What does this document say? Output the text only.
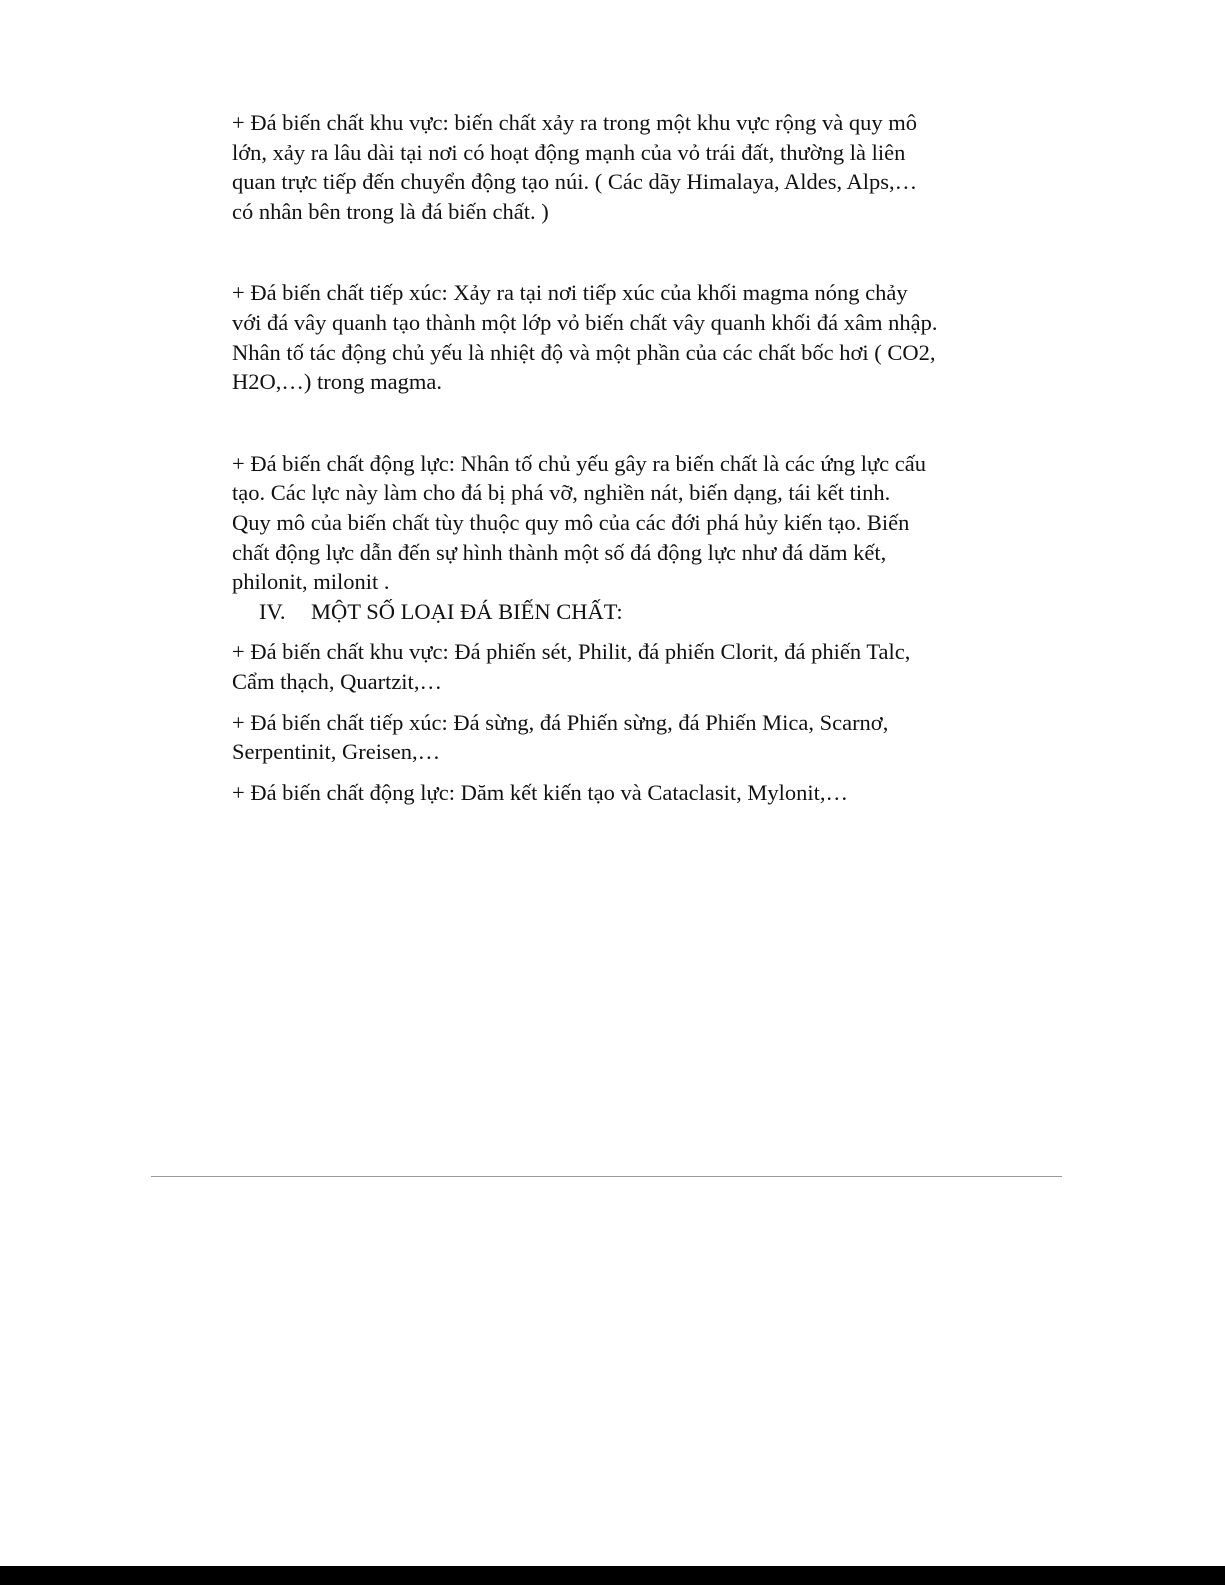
+ Đá biến chất khu vực: biến chất xảy ra trong một khu vực rộng và quy mô
lớn, xảy ra lâu dài tại nơi có hoạt động mạnh của vỏ trái đất, thường là liên
quan trực tiếp đến chuyển động tạo núi. ( Các dãy Himalaya, Aldes, Alps,…
có nhân bên trong là đá biến chất. )

+ Đá biến chất tiếp xúc: Xảy ra tại nơi tiếp xúc của khối magma nóng chảy
với đá vây quanh tạo thành một lớp vỏ biến chất vây quanh khối đá xâm nhập.
Nhân tố tác động chủ yếu là nhiệt độ và một phần của các chất bốc hơi ( CO2,
H2O,…) trong magma.

+ Đá biến chất động lực: Nhân tố chủ yếu gây ra biến chất là các ứng lực cấu
tạo. Các lực này làm cho đá bị phá vỡ, nghiền nát, biến dạng, tái kết tinh.
Quy mô của biến chất tùy thuộc quy mô của các đới phá hủy kiến tạo. Biến
chất động lực dẫn đến sự hình thành một số đá động lực như đá dăm kết,
philonit, milonit .

IV.	MỘT SỐ LOẠI ĐÁ BIẾN CHẤT:

+ Đá biến chất khu vực: Đá phiến sét, Philit, đá phiến Clorit, đá phiến Talc,
Cẩm thạch, Quartzit,…

+ Đá biến chất tiếp xúc: Đá sừng, đá Phiến sừng, đá Phiến Mica, Scarnơ,
Serpentinit, Greisen,…

+ Đá biến chất động lực: Dăm kết kiến tạo và Cataclasit, Mylonit,…
